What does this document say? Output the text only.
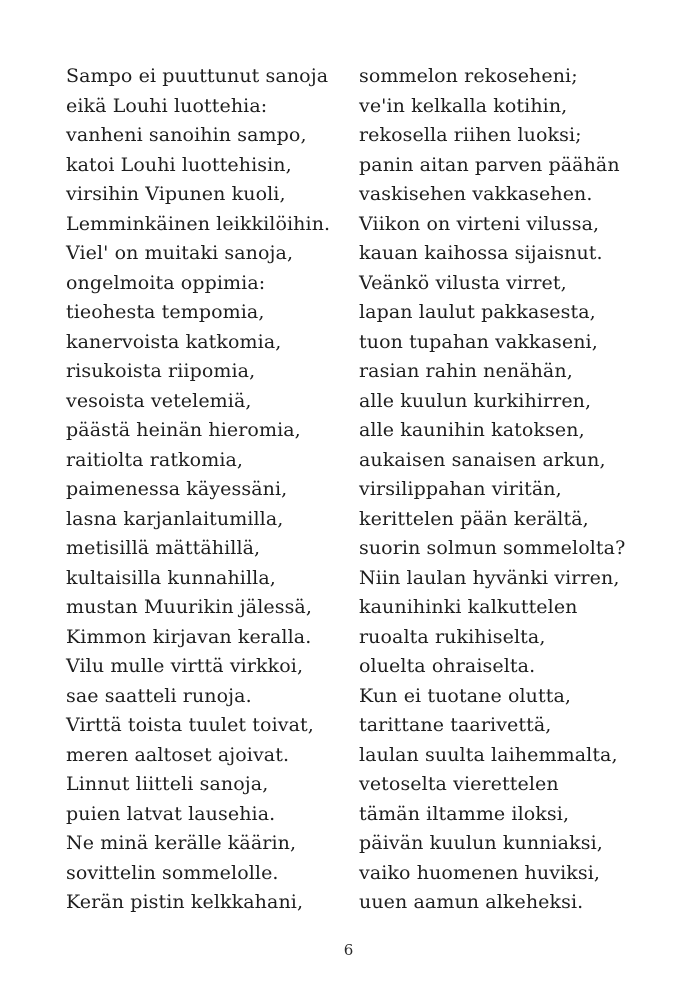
Sampo ei puuttunut sanoja
eikä Louhi luottehia:
vanheni sanoihin sampo,
katoi Louhi luottehisin,
virsihin Vipunen kuoli,
Lemminkäinen leikkilöihin.
Viel' on muitaki sanoja,
ongelmoita oppimia:
tieohesta tempomia,
kanervoista katkomia,
risukoista riipomia,
vesoista vetelemiä,
päästä heinän hieromia,
raitiolta ratkomia,
paimenessa käyessäni,
lasna karjanlaitumilla,
metisillä mättähillä,
kultaisilla kunnahilla,
mustan Muurikin jälessä,
Kimmon kirjavan keralla.
Vilu mulle virttä virkkoi,
sae saatteli runoja.
Virttä toista tuulet toivat,
meren aaltoset ajoivat.
Linnut liitteli sanoja,
puien latvat lausehia.
Ne minä kerälle käärin,
sovittelin sommelolle.
Kerän pistin kelkkahani,
sommelon rekoseheni;
ve'in kelkalla kotihin,
rekosella riihen luoksi;
panin aitan parven päähän
vaskisehen vakkasehen.
Viikon on virteni vilussa,
kauan kaihossa sijaisnut.
Veänkö vilusta virret,
lapan laulut pakkasesta,
tuon tupahan vakkaseni,
rasian rahin nenähän,
alle kuulun kurkihirren,
alle kaunihin katoksen,
aukaisen sanaisen arkun,
virsilippahan viritän,
kerittelen pään kerältä,
suorin solmun sommelolta?
Niin laulan hyvänki virren,
kaunihinki kalkuttelen
ruoalta rukihiselta,
oluelta ohraiselta.
Kun ei tuotane olutta,
tarittane taarivettä,
laulan suulta laihemmalta,
vetoselta vierettelen
tämän iltamme iloksi,
päivän kuulun kunniaksi,
vaiko huomenen huviksi,
uuen aamun alkeheksi.
6
